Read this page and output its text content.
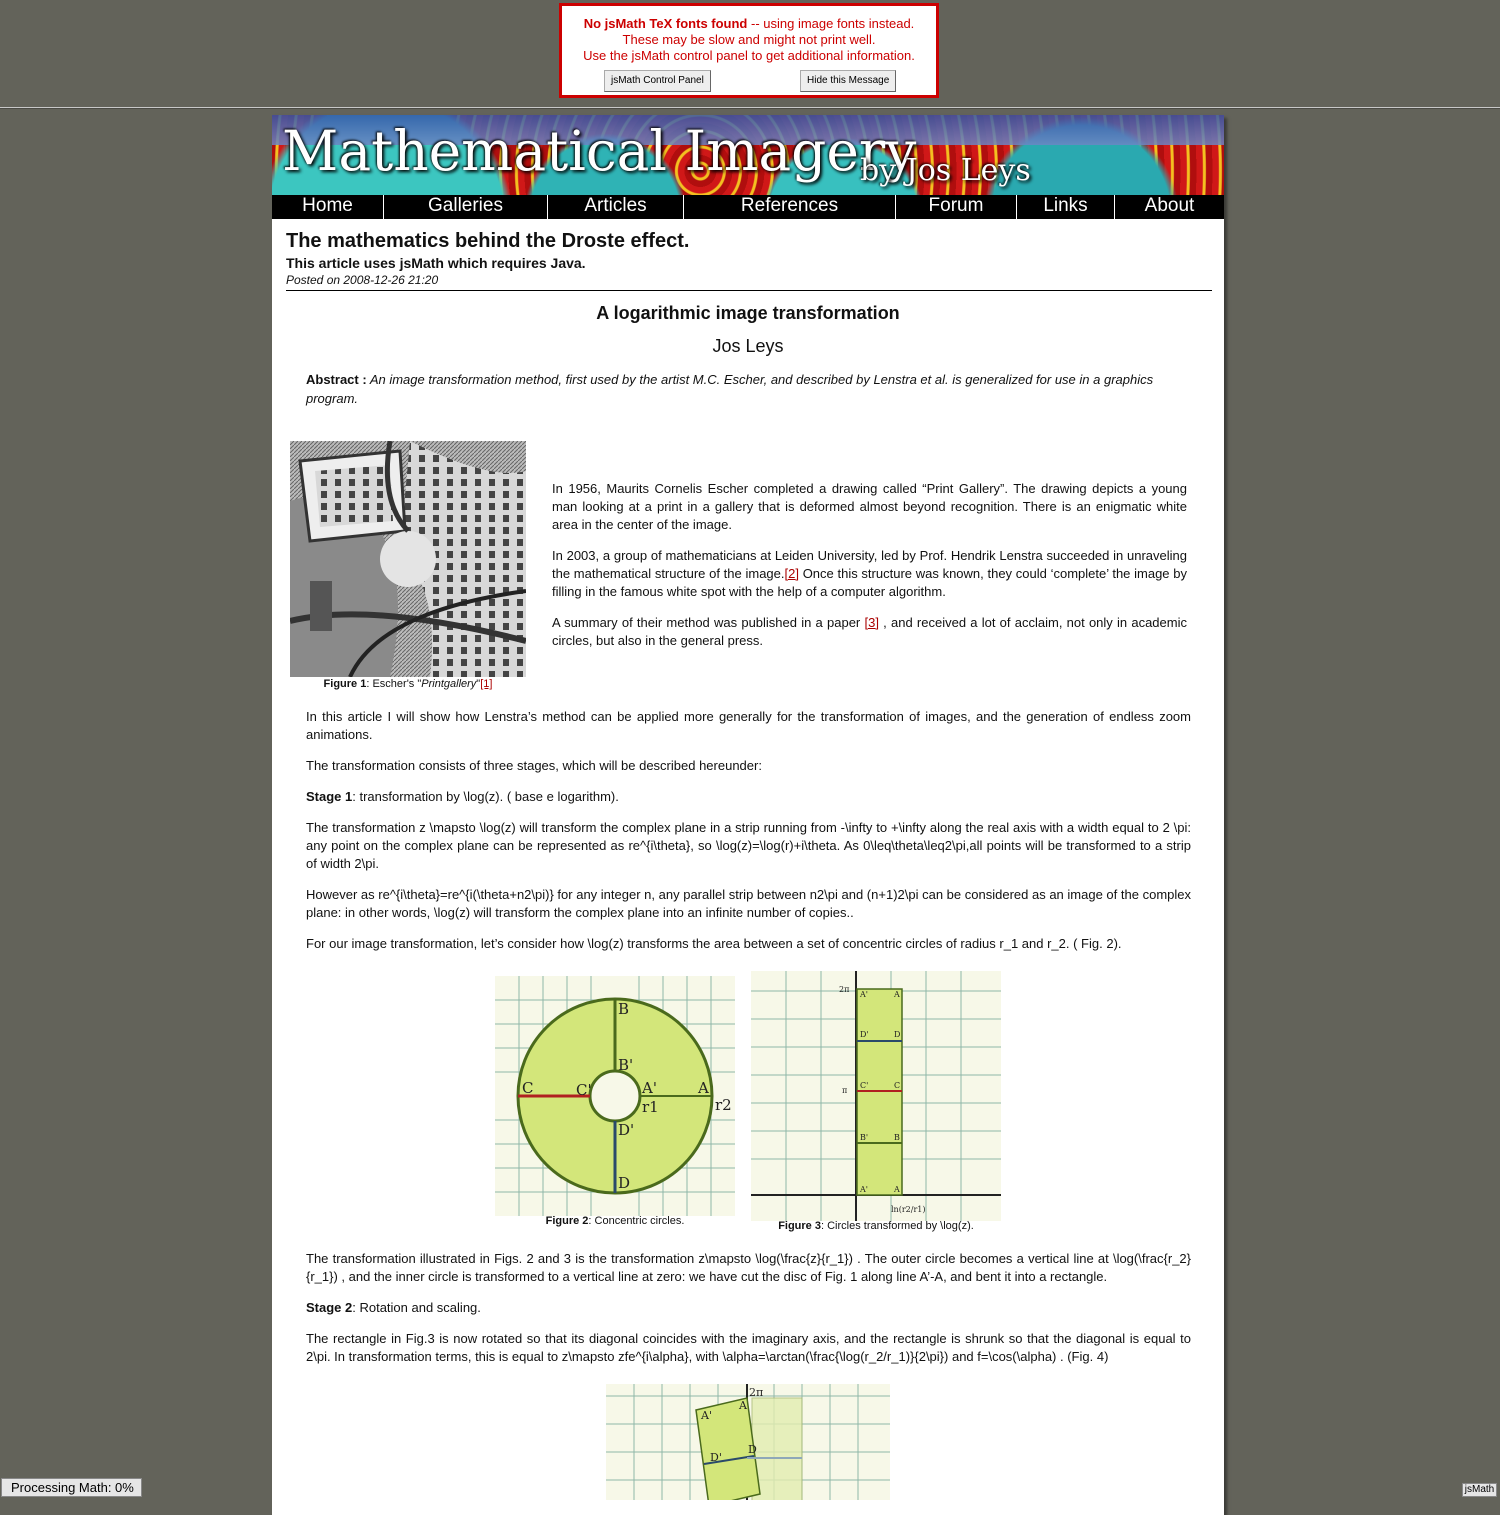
No jsMath TeX fonts found -- using image fonts instead.
These may be slow and might not print well.
Use the jsMath control panel to get additional information.
jsMath Control Panel	Hide this Message
Mathematical Imagery
by Jos Leys
Home	Galleries	Articles	References	Forum	Links	About
The mathematics behind the Droste effect.
This article uses jsMath which requires Java.
Posted on 2008-12-26 21:20
A logarithmic image transformation
Jos Leys
Abstract : An image transformation method, first used by the artist M.C. Escher, and described by Lenstra et al. is generalized for use in a graphics program.
Figure 1: Escher's "Printgallery"[1]
In 1956, Maurits Cornelis Escher completed a drawing called “Print Gallery”. The drawing depicts a young man looking at a print in a gallery that is deformed almost beyond recognition. There is an enigmatic white area in the center of the image.
In 2003, a group of mathematicians at Leiden University, led by Prof. Hendrik Lenstra succeeded in unraveling the mathematical structure of the image.[2] Once this structure was known, they could ‘complete’ the image by filling in the famous white spot with the help of a computer algorithm.
A summary of their method was published in a paper [3] , and received a lot of acclaim, not only in academic circles, but also in the general press.
In this article I will show how Lenstra’s method can be applied more generally for the transformation of images, and the generation of endless zoom animations.
The transformation consists of three stages, which will be described hereunder:
Stage 1: transformation by \log(z). ( base e logarithm).
The transformation z \mapsto \log(z) will transform the complex plane in a strip running from -\infty to +\infty along the real axis with a width equal to 2 \pi: any point on the complex plane can be represented as re^{i\theta}, so \log(z)=\log(r)+i\theta. As 0\leq\theta\leq2\pi,all points will be transformed to a strip of width 2\pi.
However as re^{i\theta}=re^{i(\theta+n2\pi)} for any integer n, any parallel strip between n2\pi and (n+1)2\pi can be considered as an image of the complex plane: in other words, \log(z) will transform the complex plane into an infinite number of copies..
For our image transformation, let’s consider how \log(z) transforms the area between a set of concentric circles of radius r_1 and r_2. ( Fig. 2).
B
B'
C	C'	A'	A
r1	r2
D'
D
Figure 2: Concentric circles.
2π
π
A'	A
D'	D
C'	C
B'	B
A'	A
ln(r2/r1)
Figure 3: Circles transformed by \log(z).
The transformation illustrated in Figs. 2 and 3 is the transformation z\mapsto \log(\frac{z}{r_1}) . The outer circle becomes a vertical line at \log(\frac{r_2}{r_1}) , and the inner circle is transformed to a vertical line at zero: we have cut the disc of Fig. 1 along line A’-A, and bent it into a rectangle.
Stage 2: Rotation and scaling.
The rectangle in Fig.3 is now rotated so that its diagonal coincides with the imaginary axis, and the rectangle is shrunk so that the diagonal is equal to 2\pi. In transformation terms, this is equal to z\mapsto zfe^{i\alpha}, with \alpha=\arctan(\frac{\log(r_2/r_1)}{2\pi}) and f=\cos(\alpha) . (Fig. 4)
2π
A'
A
D'
D
Processing Math: 0%	jsMath
